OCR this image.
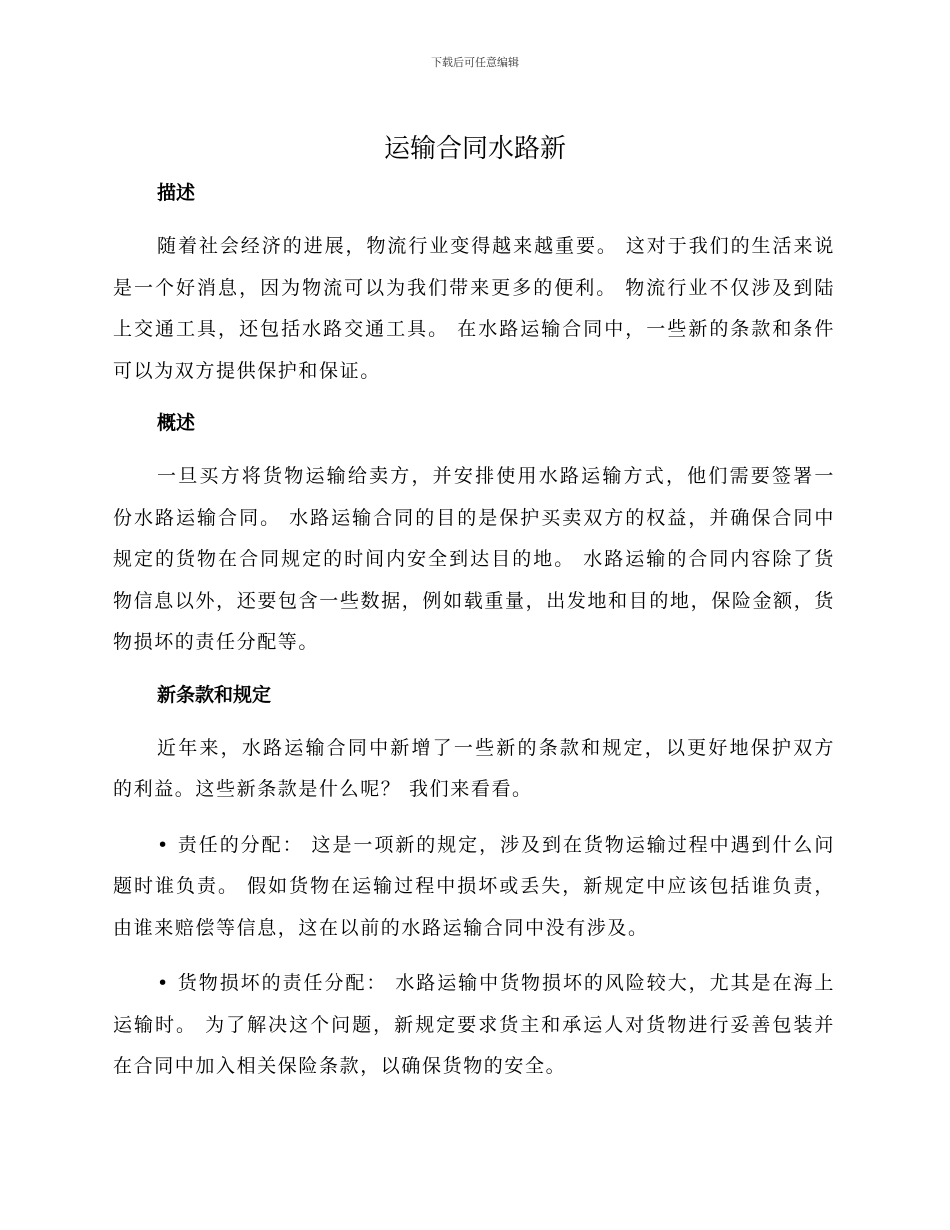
下载后可任意编辑
运输合同水路新
描述

随着社会经济的进展，物流行业变得越来越重要。 这对于我们的生活来说是一个好消息，因为物流可以为我们带来更多的便利。 物流行业不仅涉及到陆上交通工具，还包括水路交通工具。 在水路运输合同中，一些新的条款和条件可以为双方提供保护和保证。

概述

一旦买方将货物运输给卖方，并安排使用水路运输方式，他们需要签署一份水路运输合同。 水路运输合同的目的是保护买卖双方的权益，并确保合同中规定的货物在合同规定的时间内安全到达目的地。 水路运输的合同内容除了货物信息以外，还要包含一些数据，例如载重量，出发地和目的地，保险金额，货物损坏的责任分配等。

新条款和规定

近年来，水路运输合同中新增了一些新的条款和规定，以更好地保护双方的利益。这些新条款是什么呢？ 我们来看看。

• 责任的分配： 这是一项新的规定，涉及到在货物运输过程中遇到什么问题时谁负责。 假如货物在运输过程中损坏或丢失，新规定中应该包括谁负责，由谁来赔偿等信息，这在以前的水路运输合同中没有涉及。

• 货物损坏的责任分配： 水路运输中货物损坏的风险较大，尤其是在海上运输时。 为了解决这个问题，新规定要求货主和承运人对货物进行妥善包装并在合同中加入相关保险条款，以确保货物的安全。
